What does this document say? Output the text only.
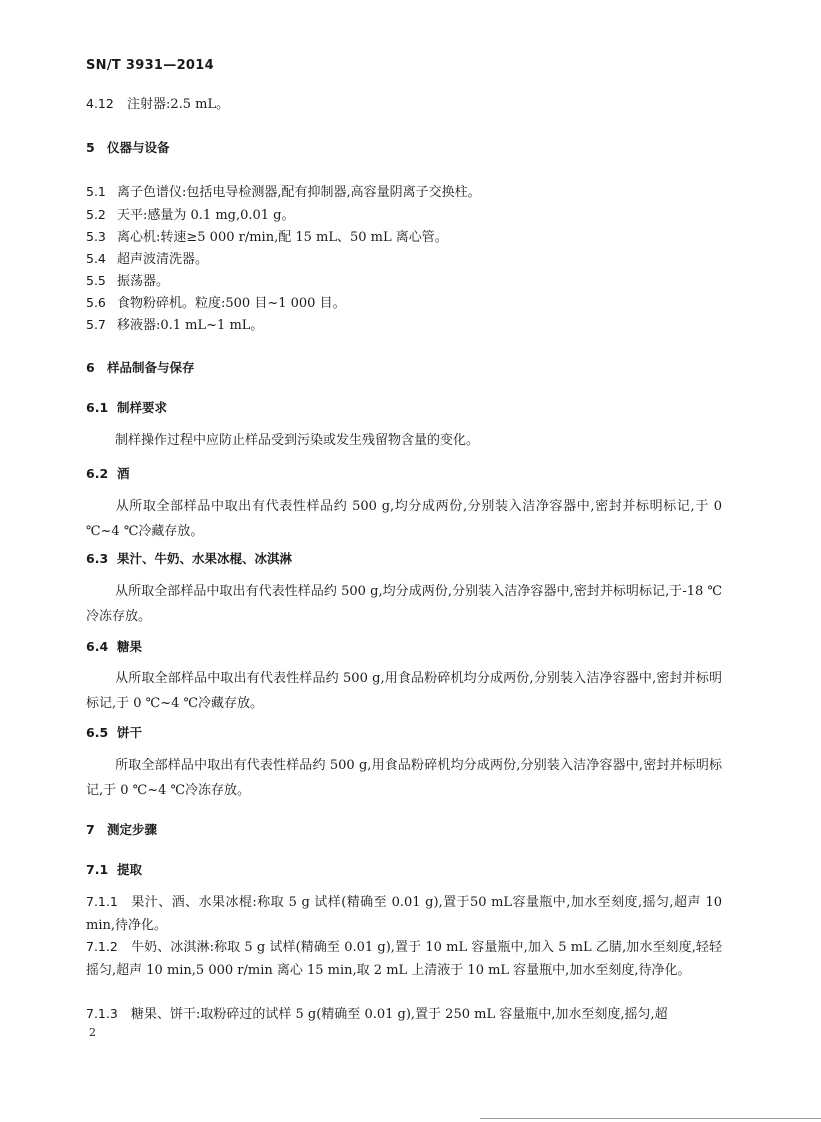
SN/T 3931—2014
4.12 注射器:2.5 mL。
5 仪器与设备
5.1 离子色谱仪:包括电导检测器,配有抑制器,高容量阴离子交换柱。
5.2 天平:感量为 0.1 mg,0.01 g。
5.3 离心机:转速≥5 000 r/min,配 15 mL、50 mL 离心管。
5.4 超声波清洗器。
5.5 振荡器。
5.6 食物粉碎机。粒度:500 目~1 000 目。
5.7 移液器:0.1 mL~1 mL。
6 样品制备与保存
6.1 制样要求
制样操作过程中应防止样品受到污染或发生残留物含量的变化。
6.2 酒
从所取全部样品中取出有代表性样品约 500 g,均分成两份,分别装入洁净容器中,密封并标明标记,于 0 ℃~4 ℃冷藏存放。
6.3 果汁、牛奶、水果冰棍、冰淇淋
从所取全部样品中取出有代表性样品约 500 g,均分成两份,分别装入洁净容器中,密封并标明标记,于-18 ℃冷冻存放。
6.4 糖果
从所取全部样品中取出有代表性样品约 500 g,用食品粉碎机均分成两份,分别装入洁净容器中,密封并标明标记,于 0 ℃~4 ℃冷藏存放。
6.5 饼干
所取全部样品中取出有代表性样品约 500 g,用食品粉碎机均分成两份,分别装入洁净容器中,密封并标明标记,于 0 ℃~4 ℃冷冻存放。
7 测定步骤
7.1 提取
7.1.1 果汁、酒、水果冰棍:称取 5 g 试样(精确至 0.01 g),置于50 mL容量瓶中,加水至刻度,摇匀,超声 10 min,待净化。
7.1.2 牛奶、冰淇淋:称取 5 g 试样(精确至 0.01 g),置于 10 mL 容量瓶中,加入 5 mL 乙腈,加水至刻度,轻轻摇匀,超声 10 min,5 000 r/min 离心 15 min,取 2 mL 上清液于 10 mL 容量瓶中,加水至刻度,待净化。
7.1.3 糖果、饼干:取粉碎过的试样 5 g(精确至 0.01 g),置于 250 mL 容量瓶中,加水至刻度,摇匀,超
2
